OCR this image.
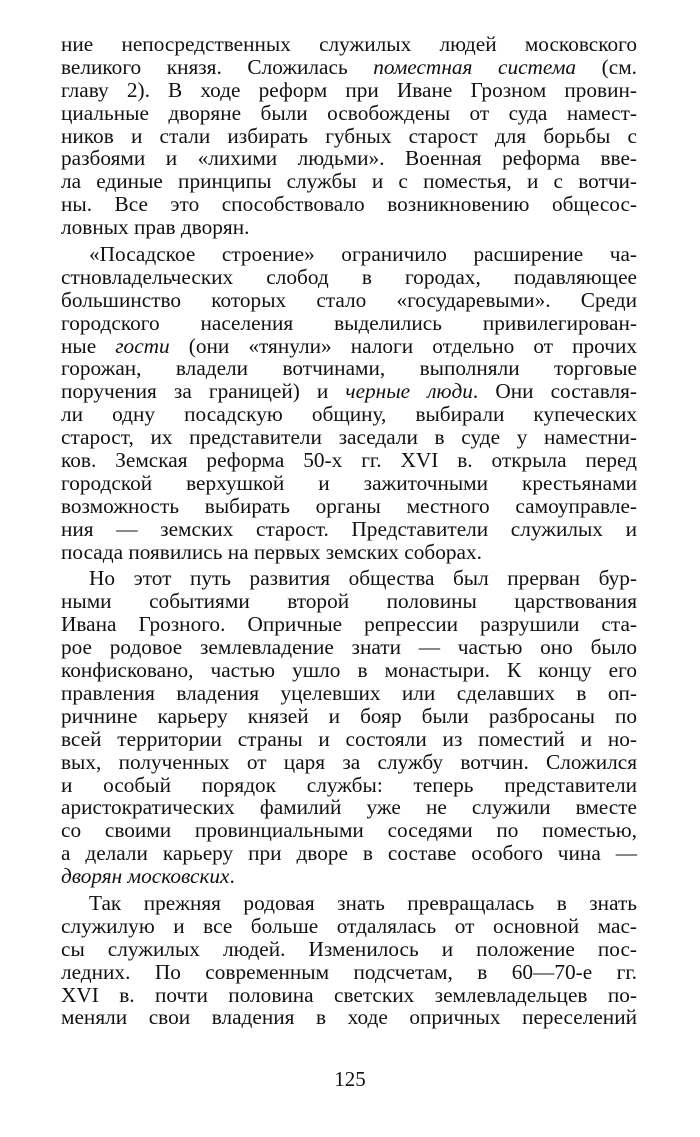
ние непосредственных служилых людей московского
великого князя. Сложилась поместная система (см.
главу 2). В ходе реформ при Иване Грозном провин-
циальные дворяне были освобождены от суда намест-
ников и стали избирать губных старост для борьбы с
разбоями и «лихими людьми». Военная реформа вве-
ла единые принципы службы и с поместья, и с вотчи-
ны. Все это способствовало возникновению общесос-
ловных прав дворян.
«Посадское строение» ограничило расширение ча-
стновладельческих слобод в городах, подавляющее
большинство которых стало «государевыми». Среди
городского населения выделились привилегирован-
ные гости (они «тянули» налоги отдельно от прочих
горожан, владели вотчинами, выполняли торговые
поручения за границей) и черные люди. Они составля-
ли одну посадскую общину, выбирали купеческих
старост, их представители заседали в суде у наместни-
ков. Земская реформа 50-х гг. XVI в. открыла перед
городской верхушкой и зажиточными крестьянами
возможность выбирать органы местного самоуправле-
ния — земских старост. Представители служилых и
посада появились на первых земских соборах.
Но этот путь развития общества был прерван бур-
ными событиями второй половины царствования
Ивана Грозного. Опричные репрессии разрушили ста-
рое родовое землевладение знати — частью оно было
конфисковано, частью ушло в монастыри. К концу его
правления владения уцелевших или сделавших в оп-
ричнине карьеру князей и бояр были разбросаны по
всей территории страны и состояли из поместий и но-
вых, полученных от царя за службу вотчин. Сложился
и особый порядок службы: теперь представители
аристократических фамилий уже не служили вместе
со своими провинциальными соседями по поместью,
а делали карьеру при дворе в составе особого чина —
дворян московских.
Так прежняя родовая знать превращалась в знать
служилую и все больше отдалялась от основной мас-
сы служилых людей. Изменилось и положение пос-
ледних. По современным подсчетам, в 60—70-е гг.
XVI в. почти половина светских землевладельцев по-
меняли свои владения в ходе опричных переселений
125
